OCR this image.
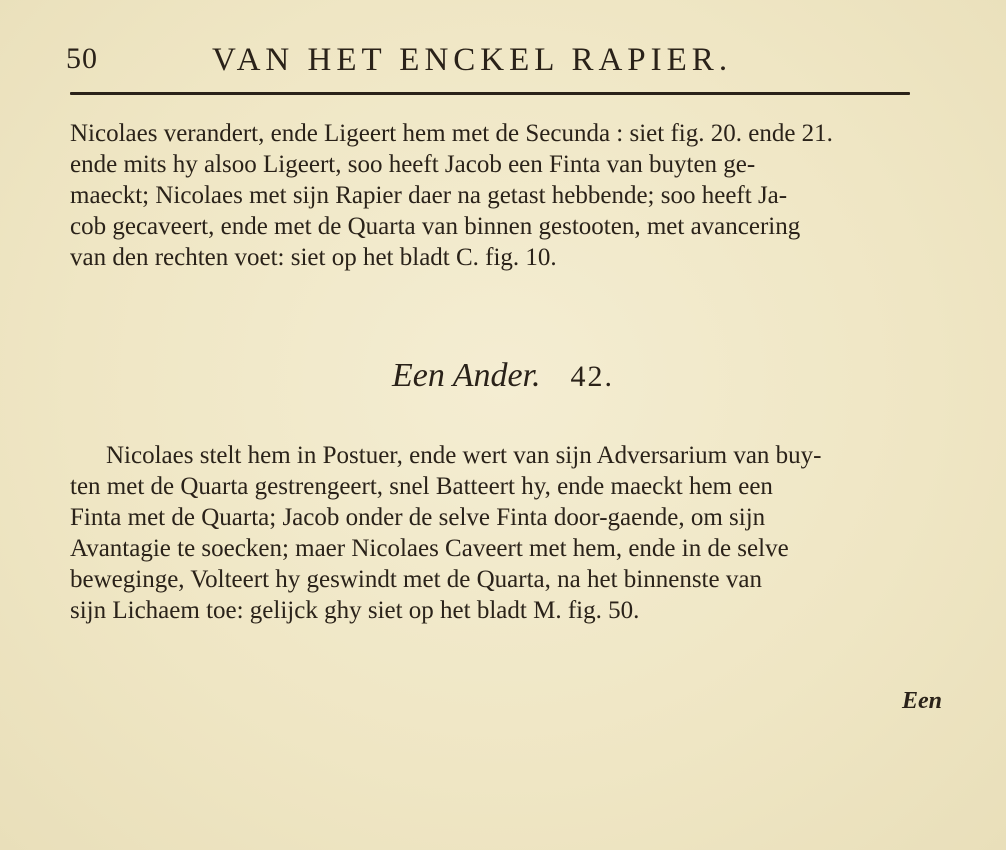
50	VAN HET ENCKEL RAPIER.
Nicolaes verandert, ende Ligeert hem met de Secunda : siet fig. 20. ende 21.
ende mits hy alsoo Ligeert, soo heeft Jacob een Finta van buyten ge-
maeckt; Nicolaes met sijn Rapier daer na getast hebbende; soo heeft Ja-
cob gecaveert, ende met de Quarta van binnen gestooten, met avancering
van den rechten voet: siet op het bladt C. fig. 10.
Een Ander. 42.
Nicolaes stelt hem in Postuer, ende wert van sijn Adversarium van buy-
ten met de Quarta gestrengeert, snel Batteert hy, ende maeckt hem een
Finta met de Quarta; Jacob onder de selve Finta door-gaende, om sijn
Avantagie te soecken; maer Nicolaes Caveert met hem, ende in de selve
beweginge, Volteert hy geswindt met de Quarta, na het binnenste van
sijn Lichaem toe: gelijck ghy siet op het bladt M. fig. 50.
Een
